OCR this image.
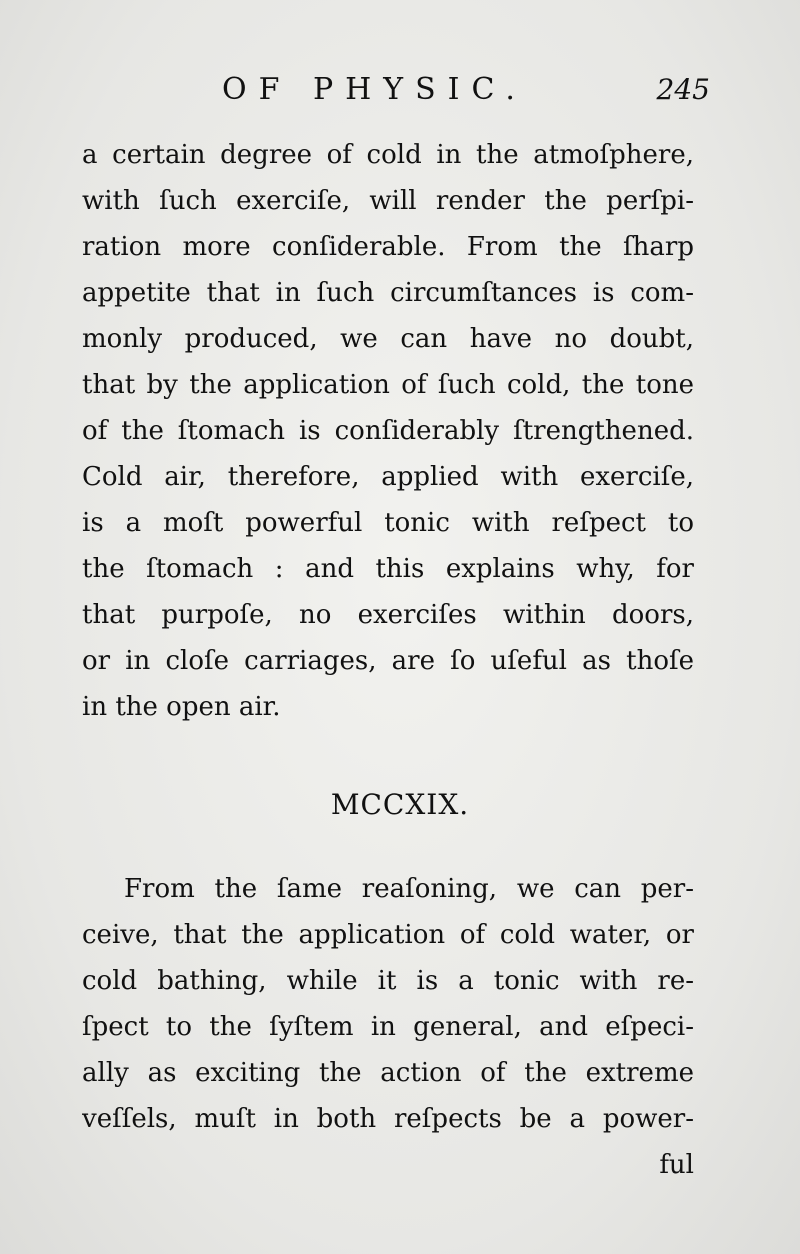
OF PHYSIC.	245
a certain degree of cold in the atmoſphere,
with ſuch exerciſe, will render the perſpi-
ration more conſiderable. From the ſharp
appetite that in ſuch circumſtances is com-
monly produced, we can have no doubt,
that by the application of ſuch cold, the tone
of the ſtomach is conſiderably ſtrengthened.
Cold air, therefore, applied with exerciſe,
is a moſt powerful tonic with reſpect to
the ſtomach : and this explains why, for
that purpoſe, no exerciſes within doors,
or in cloſe carriages, are ſo uſeful as thoſe
in the open air.
MCCXIX.
From the ſame reaſoning, we can per-
ceive, that the application of cold water, or
cold bathing, while it is a tonic with re-
ſpect to the ſyſtem in general, and eſpeci-
ally as exciting the action of the extreme
veſſels, muſt in both reſpects be a power-
ful
